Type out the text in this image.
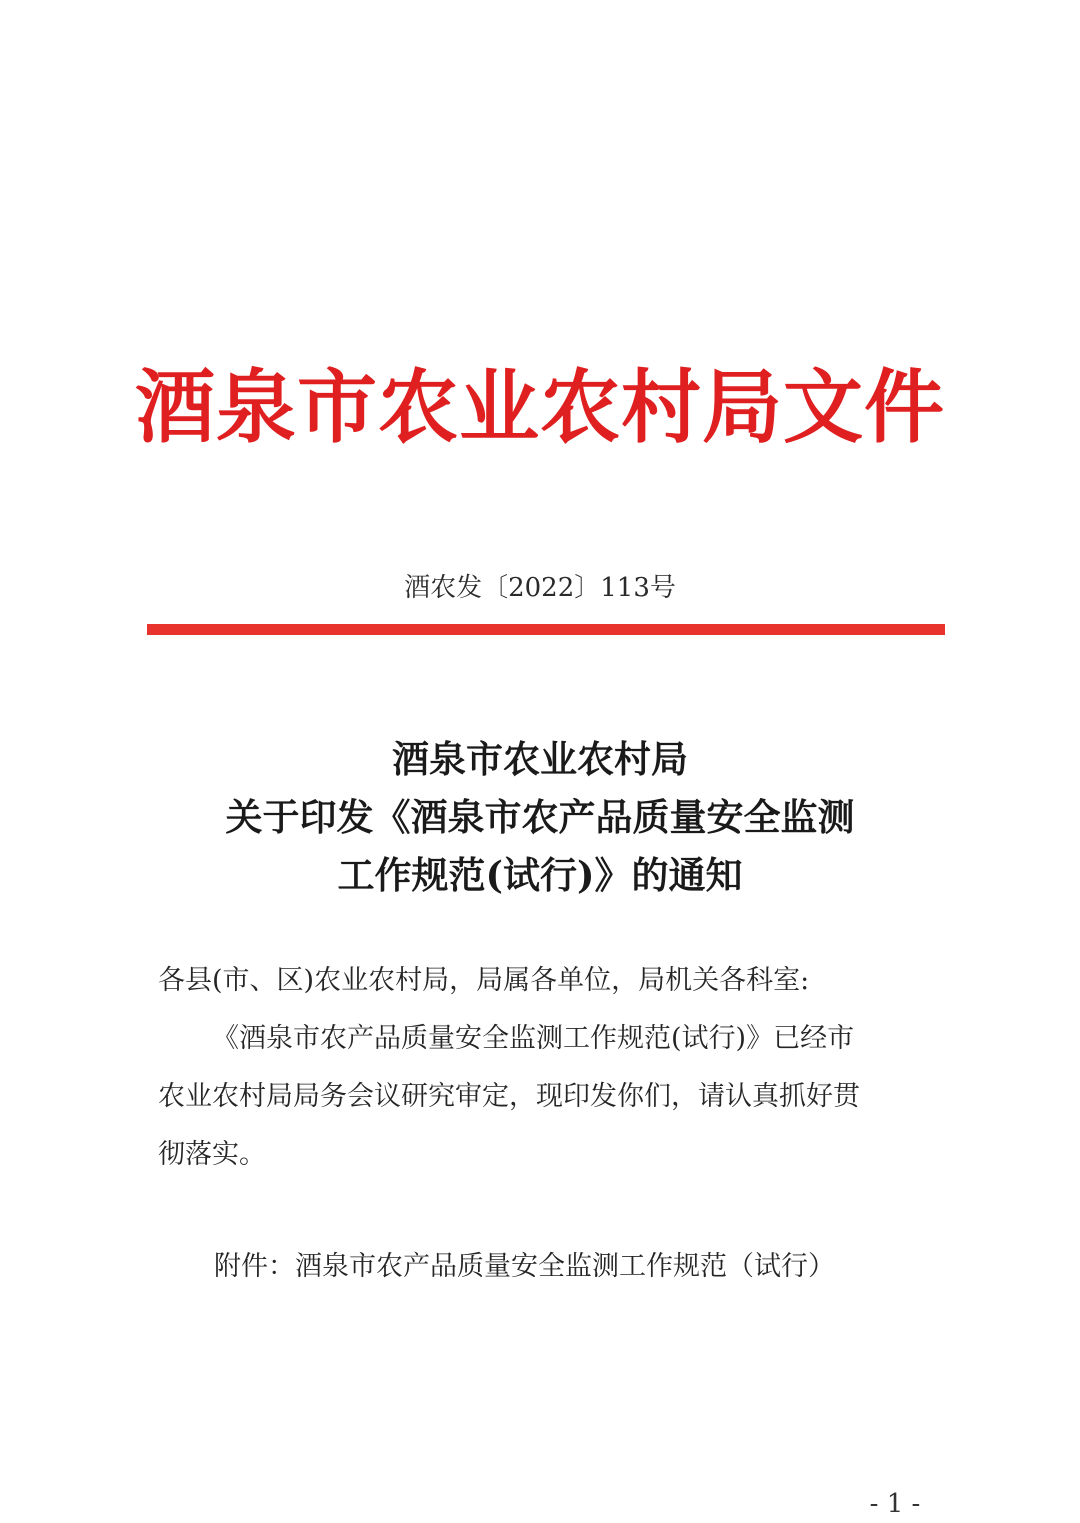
酒泉市农业农村局文件
酒农发〔2022〕113号
酒泉市农业农村局
关于印发《酒泉市农产品质量安全监测
工作规范(试行)》的通知
各县(市、区)农业农村局，局属各单位，局机关各科室:
《酒泉市农产品质量安全监测工作规范(试行)》已经市
农业农村局局务会议研究审定，现印发你们，请认真抓好贯
彻落实。
附件：酒泉市农产品质量安全监测工作规范（试行）
- 1 -
